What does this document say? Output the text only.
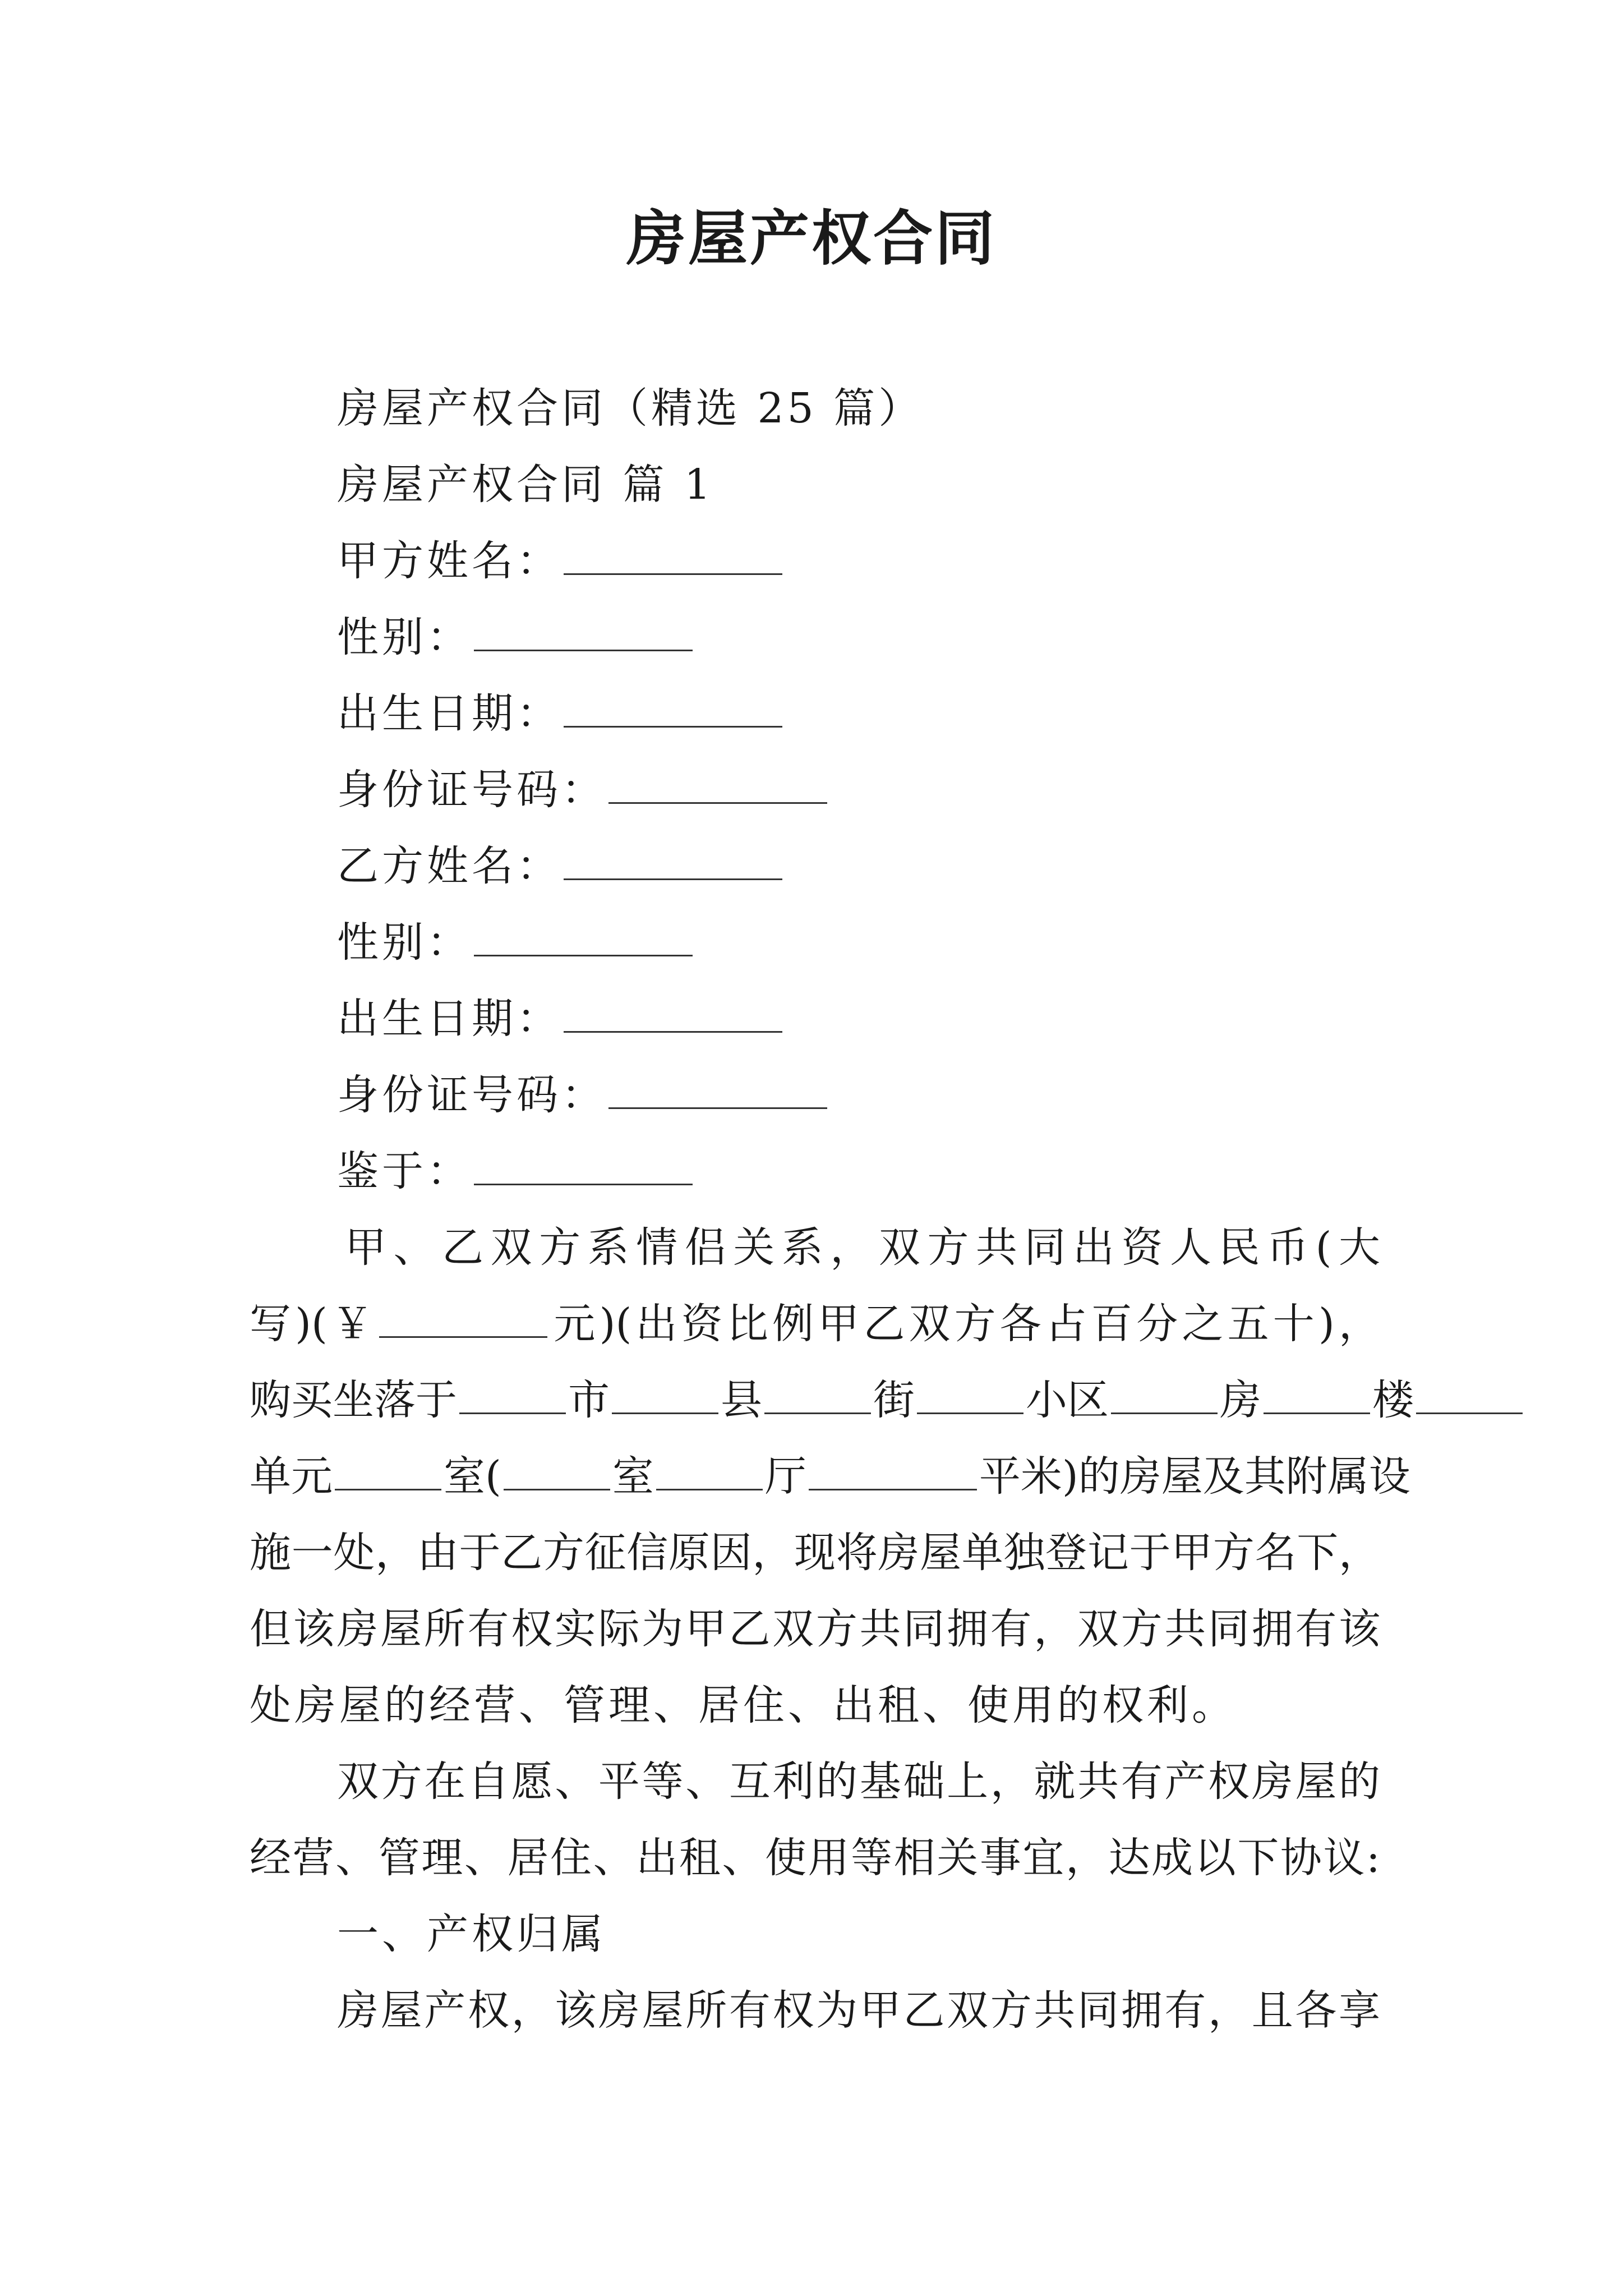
房屋产权合同
房屋产权合同（精选 25 篇）
房屋产权合同 篇 1
甲方姓名：
性别：
出生日期：
身份证号码：
乙方姓名：
性别：
出生日期：
身份证号码：
鉴于：
甲、乙双方系情侣关系，双方共同出资人民币(大
写)(￥	元)(出资比例甲乙双方各占百分之五十)，
购买坐落于	市	县	街	小区	房	楼
单元	室(	室	厅	平米)的房屋及其附属设
施一处，由于乙方征信原因，现将房屋单独登记于甲方名下，
但该房屋所有权实际为甲乙双方共同拥有，双方共同拥有该
处房屋的经营、管理、居住、出租、使用的权利。
双方在自愿、平等、互利的基础上，就共有产权房屋的
经营、管理、居住、出租、使用等相关事宜，达成以下协议:
一、产权归属
房屋产权，该房屋所有权为甲乙双方共同拥有，且各享
